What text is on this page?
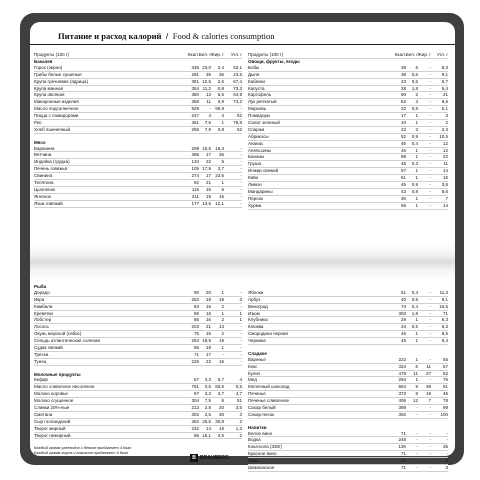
Питание и расход калорий / Food & calories consumption
Продукты (100 г)	Ккал. Бел. г Жир. г Угл. г Продукты (100 г)	Ккал. Бел. г Жир. г Угл. г
Бакалея
Горох (зерно)	336 23,0 2,4 53,1
Грибы белые сушеные	281 36 36 23,5
Крупа гречневая (ядрица)	351 12,5 2,5 67,4
Крупа манная	354 11,2 0,8 73,3
Крупа овсяная	380 13 6,5 64,9
Макаронные изделия	358 11 0,9 74,2
Масло подсолнечное	929 - 99,9	-
Пицца с помидорами	247 4 4	52
Рис	351 7,6 1 75,8
Хлеб пшеничный	255 7,9 0,8	52
Мясо
Баранина	209 15,6 16,3	-
Ветчина	395 17 35	-
Индейка (грудка)	134 22 5	-
Печень говяжья	105 17,9 3,7	-
Свинина	274 17 23,5	-
Телятина	92 21 1	-
Цыпленок	115 15 6	-
Ягненок	211 19 15	-
Язык говяжий	177 13,6 12,1	-
Овощи, фрукты, ягоды
Бобы	39 6	- 8,3
Дыня	38 0,6	- 9,1
Кабачки	23 0,6	- 5,7
Капуста	28 1,8	- 5,4
Картофель	90 2	-	21
Лук репчатый	52 3	- 9,6
Морковь	22 0,8	- 5,1
Помидоры	17 1	-	3
Салат зеленый	10 1	-	2
Спаржа	22 3	- 2,3
Абрикосы	52 0,9	- 10,5
Ананас	46 0,4	-	12
Апельсины	46 1	-	12
Бананы	89 1	-	22
Груша	45 0,3	-	11
Инжир свежий	57 1	-	14
Киви	61 1	-	15
Лимон	45 0,9	- 3,6
Мандарины	43 0,8	- 8,6
Персик	30 1	-	7
Хурма	56 1	-	14
Рыба
Дорадо	90 20 1	-
Икра	252 19 19	3
Камбала	83 16 2	-
Креветки	86 16 1	1
Лобстер	86 16 2	1
Лосось	203 21 13	-
Окунь морской (себас)	75 15 2	-
Сельдь атлантическая соленая	254 18,9 19	-
Судак свежий	85 19 1	-
Треска	71 17	-	-
Тунец	226 22 16	-
Молочные продукты
Кефир	67 3,3 5,7	4
Масло сливочное несоленое	781 0,5 83,5	0,5
Молоко коровье	67 3,3 3,7	4,7
Молоко сгущенное	304 7,5 8	51
Сливки 20%-ные	213 2,8 20	3,5
Сметана	302 2,5 30	3
Сыр голландский	392 25,5 30,8	2
Творог жирный	232 14 18	1,3
Творог нежирный	86 16,1 0,5	2
Яблоки	51 0,4	- 11,3
Арбуз	40 0,5	- 9,1
Виноград	73 0,4	- 16,5
Изюм	303 1,8	-	71
Клубника	29 1	- 6,3
Клюква	34 0,5	- 5,3
Смородина черная	45 1	- 8,5
Черника	45 1	- 9,4
Сладкое
Варенье	222 1	-	55
Кекс	334 6 11	57
Кулич	479 11 27	52
Мед	294 1	-	76
Молочный шоколад	564 9 38	51
Печенье	373 8 19	46
Печенье сливочное	406 12 7	78
Сахар белый	398 -	-	99
Сахар-песок	392 -	- 100
Напитки
Белое вино	71 -	-	-
Водка	248 -	-	-
Кока-кола (330г)	130 -	-	35
Красное вино	71 -	-	-
Пиво	47 -	-	3
Шампанское	71 -	-	3
Каждый грамм углеводов и белков прибавляет 4 Ккал
Каждый грамм жиров и алкоголя прибавляет 9 Ккал
B BRAUBERG
